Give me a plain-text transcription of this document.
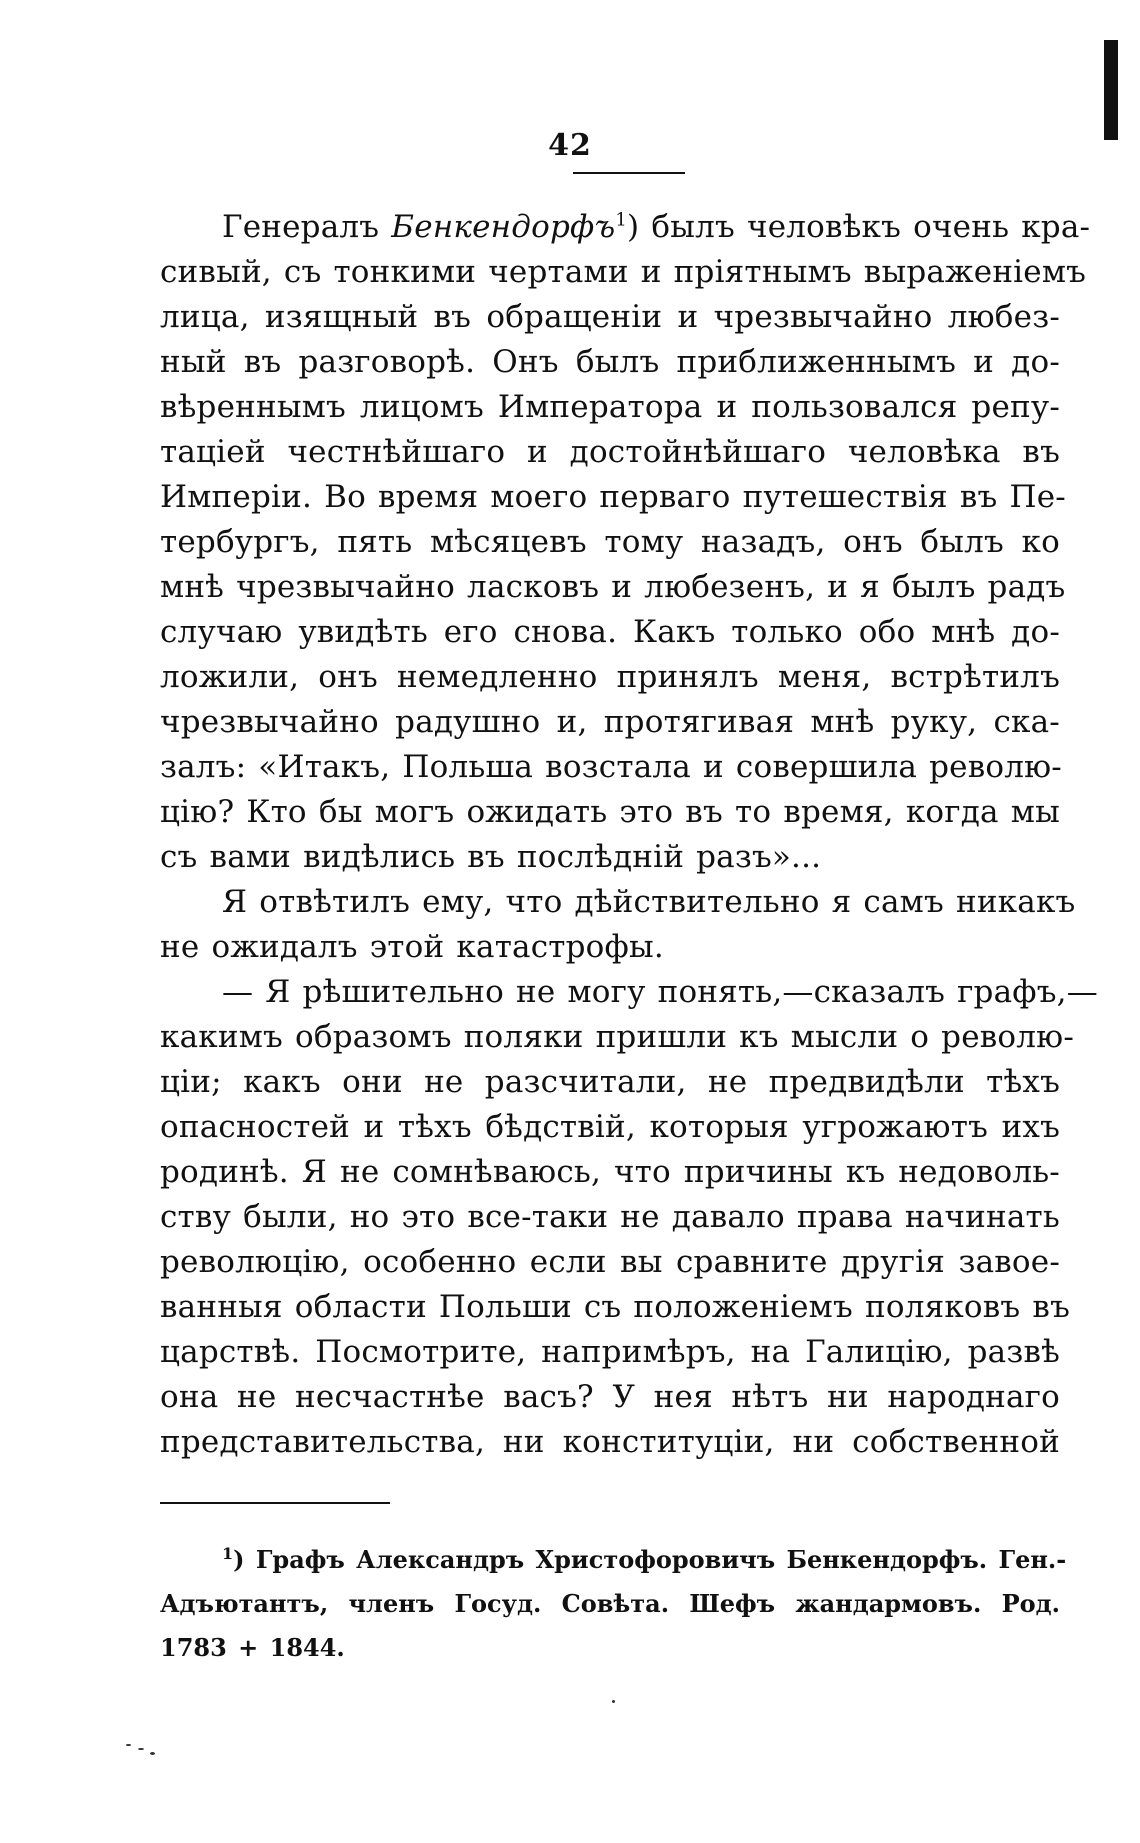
42
Генералъ Бенкендорфъ$^1$) былъ человѣкъ очень кра-
сивый, съ тонкими чертами и пріятнымъ выраженіемъ
лица, изящный въ обращеніи и чрезвычайно любез-
ный въ разговорѣ. Онъ былъ приближеннымъ и до-
вѣреннымъ лицомъ Императора и пользовался репу-
таціей честнѣйшаго и достойнѣйшаго человѣка въ
Имперіи. Во время моего перваго путешествія въ Пе-
тербургъ, пять мѣсяцевъ тому назадъ, онъ былъ ко
мнѣ чрезвычайно ласковъ и любезенъ, и я былъ радъ
случаю увидѣть его снова. Какъ только обо мнѣ до-
ложили, онъ немедленно принялъ меня, встрѣтилъ
чрезвычайно радушно и, протягивая мнѣ руку, ска-
залъ: «Итакъ, Польша возстала и совершила револю-
цію? Кто бы могъ ожидать это въ то время, когда мы
съ вами видѣлись въ послѣдній разъ»...
Я отвѣтилъ ему, что дѣйствительно я самъ никакъ
не ожидалъ этой катастрофы.
— Я рѣшительно не могу понять,—сказалъ графъ,—
какимъ образомъ поляки пришли къ мысли о револю-
ціи; какъ они не разсчитали, не предвидѣли тѣхъ
опасностей и тѣхъ бѣдствій, которыя угрожаютъ ихъ
родинѣ. Я не сомнѣваюсь, что причины къ недоволь-
ству были, но это все-таки не давало права начинать
революцію, особенно если вы сравните другія завое-
ванныя области Польши съ положеніемъ поляковъ въ
царствѣ. Посмотрите, напримѣръ, на Галицію, развѣ
она не несчастнѣе васъ? У нея нѣтъ ни народнаго
представительства, ни конституціи, ни собственной
$^1$) Графъ Александръ Христофоровичъ Бенкендорфъ. Ген.-
Адъютантъ, членъ Госуд. Совѣта. Шефъ жандармовъ. Род.
1783 + 1844.
